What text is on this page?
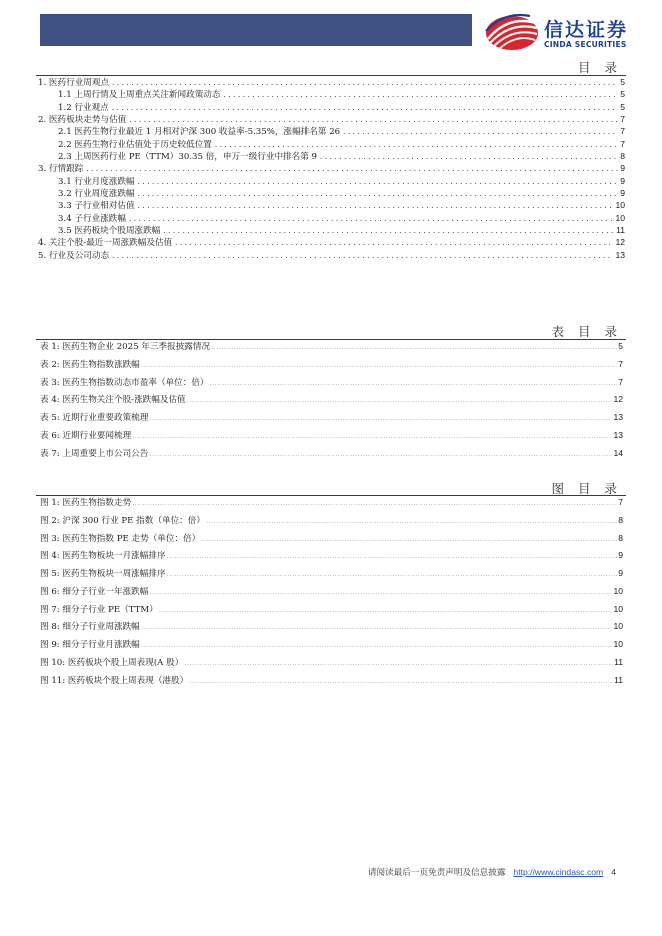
信达证券
CINDA SECURITIES
目 录
1. 医药行业周观点 .....	5
1.1 上周行情及上周重点关注新闻政策动态 .....	5
1.2 行业观点 .....	5
2. 医药板块走势与估值 .....	7
2.1 医药生物行业最近 1 月相对沪深 300 收益率-5.35%，涨幅排名第 26 .....	7
2.2 医药生物行业估值处于历史较低位置 .....	7
2.3 上周医药行业 PE（TTM）30.35 倍，申万一级行业中排名第 9 .....	8
3. 行情跟踪 .....	9
3.1 行业月度涨跌幅 .....	9
3.2 行业周度涨跌幅 .....	9
3.3 子行业相对估值 .....	10
3.4 子行业涨跌幅 .....	10
3.5 医药板块个股周涨跌幅 .....	11
4. 关注个股-最近一周涨跌幅及估值 .....	12
5. 行业及公司动态 .....	13
表 目 录
表 1: 医药生物企业 2025 年三季报披露情况 .....	5
表 2: 医药生物指数涨跌幅 .....	7
表 3: 医药生物指数动态市盈率（单位：倍） .....	7
表 4: 医药生物关注个股-涨跌幅及估值 .....	12
表 5: 近期行业重要政策梳理 .....	13
表 6: 近期行业要闻梳理 .....	13
表 7: 上周重要上市公司公告 .....	14
图 目 录
图 1: 医药生物指数走势 .....	7
图 2: 沪深 300 行业 PE 指数（单位：倍） .....	8
图 3: 医药生物指数 PE 走势（单位：倍） .....	8
图 4: 医药生物板块一月涨幅排序 .....	9
图 5: 医药生物板块一周涨幅排序 .....	9
图 6: 细分子行业一年涨跌幅 .....	10
图 7: 细分子行业 PE（TTM） .....	10
图 8: 细分子行业周涨跌幅 .....	10
图 9: 细分子行业月涨跌幅 .....	10
图 10: 医药板块个股上周表现(A 股） .....	11
图 11: 医药板块个股上周表现（港股） .....	11
请阅读最后一页免责声明及信息披露 http://www.cindasc.com 4
